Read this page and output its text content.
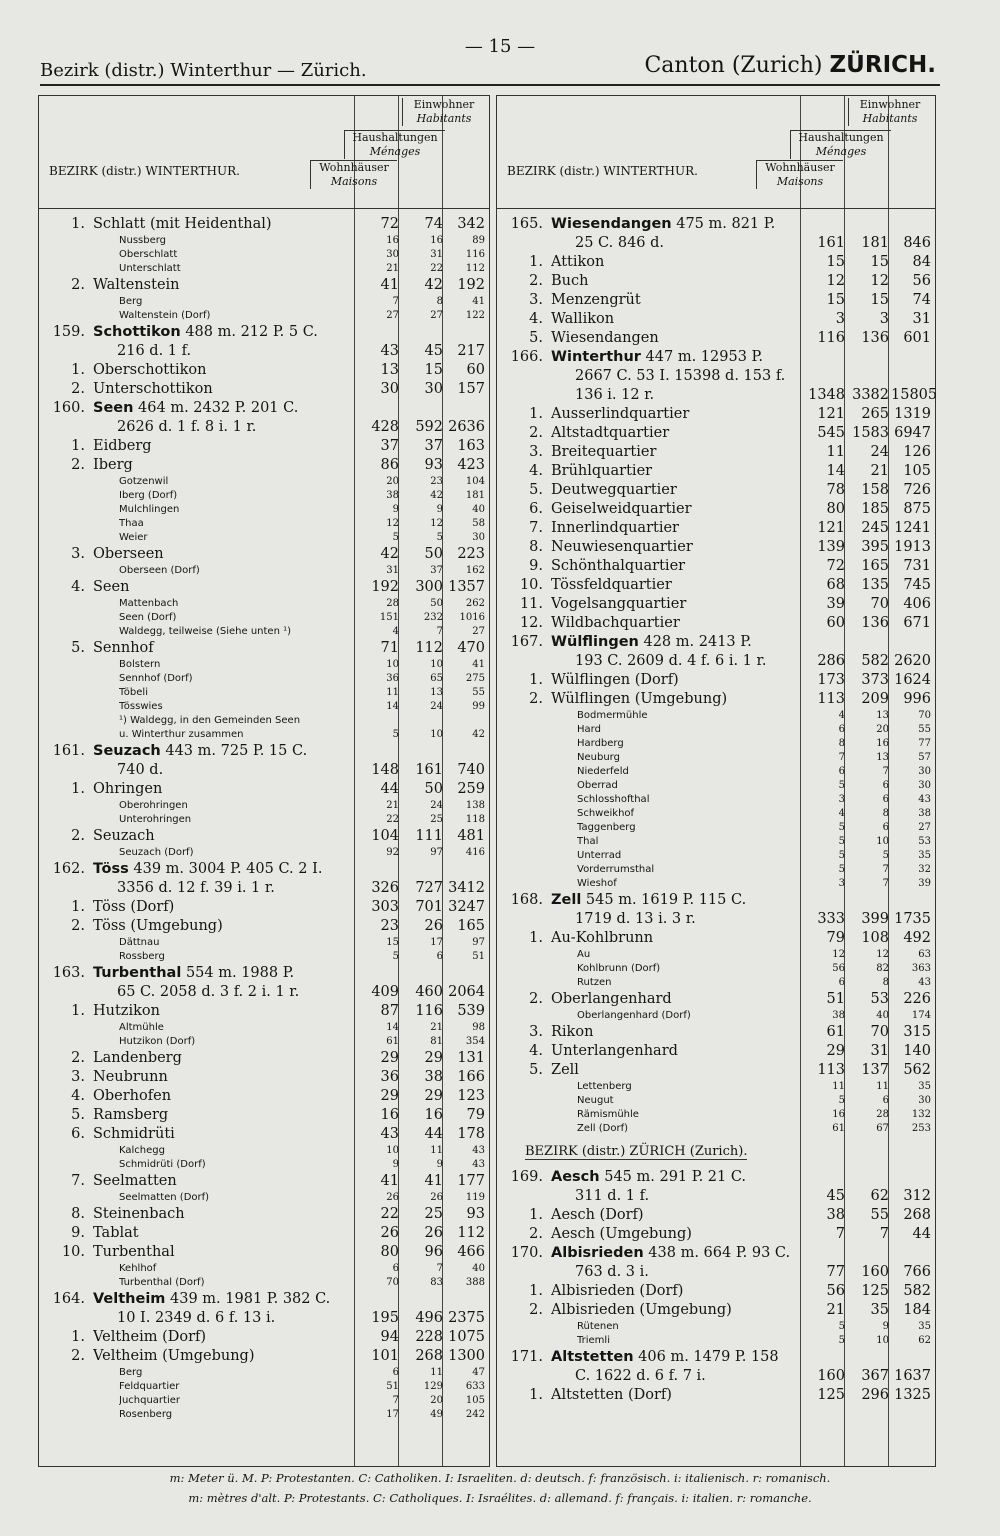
Bezirk (distr.) Winterthur — Zürich.
— 15 —
Canton (Zurich) ZÜRICH.
Einwohner
Habitants
Haushaltungen
Ménages
Wohnhäuser
Maisons
BEZIRK (distr.) WINTERTHUR.
1. Schlatt (mit Heidenthal)	72	74 342
Nussberg	16	16	89
Oberschlatt	30	31	116
Unterschlatt	21	22	112
2. Waltenstein	41	42 192
Berg	7	8	41
Waltenstein (Dorf)	27	27	122
159. Schottikon 488 m. 212 P. 5 C.
216 d. 1 f.	43	45 217
1. Oberschottikon	13	15	60
2. Unterschottikon	30	30 157
160. Seen 464 m. 2432 P. 201 C.
2626 d. 1 f. 8 i. 1 r.	428	592 2636
1. Eidberg	37	37 163
2. Iberg	86	93 423
Gotzenwil	20	23	104
Iberg (Dorf)	38	42	181
Mulchlingen	9	9	40
Thaa	12	12	58
Weier	5	5	30
3. Oberseen	42	50 223
Oberseen (Dorf)	31	37	162
4. Seen	192	300 1357
Mattenbach	28	50	262
Seen (Dorf)	151	232	1016
Waldegg, teilweise (Siehe unten ¹)	4	7	27
5. Sennhof	71	112 470
Bolstern	10	10	41
Sennhof (Dorf)	36	65	275
Töbeli	11	13	55
Tösswies	14	24	99
¹) Waldegg, in den Gemeinden Seen
u. Winterthur zusammen	5	10	42
161. Seuzach 443 m. 725 P. 15 C.
740 d.	148	161 740
1. Ohringen	44	50 259
Oberohringen	21	24	138
Unterohringen	22	25	118
2. Seuzach	104	111 481
Seuzach (Dorf)	92	97	416
162. Töss 439 m. 3004 P. 405 C. 2 I.
3356 d. 12 f. 39 i. 1 r.	326	727 3412
1. Töss (Dorf)	303	701 3247
2. Töss (Umgebung)	23	26 165
Dättnau	15	17	97
Rossberg	5	6	51
163. Turbenthal 554 m. 1988 P.
65 C. 2058 d. 3 f. 2 i. 1 r.	409	460 2064
1. Hutzikon	87	116 539
Altmühle	14	21	98
Hutzikon (Dorf)	61	81	354
2. Landenberg	29	29 131
3. Neubrunn	36	38 166
4. Oberhofen	29	29 123
5. Ramsberg	16	16	79
6. Schmidrüti	43	44 178
Kalchegg	10	11	43
Schmidrüti (Dorf)	9	9	43
7. Seelmatten	41	41 177
Seelmatten (Dorf)	26	26	119
8. Steinenbach	22	25	93
9. Tablat	26	26 112
10. Turbenthal	80	96 466
Kehlhof	6	7	40
Turbenthal (Dorf)	70	83	388
164. Veltheim 439 m. 1981 P. 382 C.
10 I. 2349 d. 6 f. 13 i.	195	496 2375
1. Veltheim (Dorf)	94	228 1075
2. Veltheim (Umgebung)	101	268 1300
Berg	6	11	47
Feldquartier	51	129	633
Juchquartier	7	20	105
Rosenberg	17	49	242
Einwohner
Habitants
Haushaltungen
Ménages
Wohnhäuser
Maisons
BEZIRK (distr.) WINTERTHUR.
165. Wiesendangen 475 m. 821 P.
25 C. 846 d.	161	181 846
1. Attikon	15	15	84
2. Buch	12	12	56
3. Menzengrüt	15	15	74
4. Wallikon	3	3	31
5. Wiesendangen	116	136 601
166. Winterthur 447 m. 12953 P.
2667 C. 53 I. 15398 d. 153 f.
136 i. 12 r.	1348 3382 15805
1. Ausserlindquartier	121	265 1319
2. Altstadtquartier	545 1583 6947
3. Breitequartier	11	24 126
4. Brühlquartier	14	21 105
5. Deutwegquartier	78	158 726
6. Geiselweidquartier	80	185 875
7. Innerlindquartier	121	245 1241
8. Neuwiesenquartier	139	395 1913
9. Schönthalquartier	72	165 731
10. Tössfeldquartier	68	135 745
11. Vogelsangquartier	39	70 406
12. Wildbachquartier	60	136 671
167. Wülflingen 428 m. 2413 P.
193 C. 2609 d. 4 f. 6 i. 1 r.	286	582 2620
1. Wülflingen (Dorf)	173	373 1624
2. Wülflingen (Umgebung)	113	209 996
Bodmermühle	4	13	70
Hard	6	20	55
Hardberg	8	16	77
Neuburg	7	13	57
Niederfeld	6	7	30
Oberrad	5	6	30
Schlosshofthal	3	6	43
Schweikhof	4	8	38
Taggenberg	5	6	27
Thal	5	10	53
Unterrad	5	5	35
Vorderrumsthal	5	7	32
Wieshof	3	7	39
168. Zell 545 m. 1619 P. 115 C.
1719 d. 13 i. 3 r.	333	399 1735
1. Au-Kohlbrunn	79	108 492
Au	12	12	63
Kohlbrunn (Dorf)	56	82	363
Rutzen	6	8	43
2. Oberlangenhard	51	53 226
Oberlangenhard (Dorf)	38	40	174
3. Rikon	61	70 315
4. Unterlangenhard	29	31 140
5. Zell	113	137 562
Lettenberg	11	11	35
Neugut	5	6	30
Rämismühle	16	28	132
Zell (Dorf)	61	67	253
BEZIRK (distr.) ZÜRICH (Zurich).
169. Aesch 545 m. 291 P. 21 C.
311 d. 1 f.	45	62 312
1. Aesch (Dorf)	38	55 268
2. Aesch (Umgebung)	7	7	44
170. Albisrieden 438 m. 664 P. 93 C.
763 d. 3 i.	77	160 766
1. Albisrieden (Dorf)	56	125 582
2. Albisrieden (Umgebung)	21	35 184
Rütenen	5	9	35
Triemli	5	10	62
171. Altstetten 406 m. 1479 P. 158
C. 1622 d. 6 f. 7 i.	160	367 1637
1. Altstetten (Dorf)	125	296 1325
m: Meter ü. M. P: Protestanten. C: Catholiken. I: Israeliten. d: deutsch. f: französisch. i: italienisch. r: romanisch.
m: mètres d'alt. P: Protestants. C: Catholiques. I: Israélites. d: allemand. f: français. i: italien. r: romanche.
